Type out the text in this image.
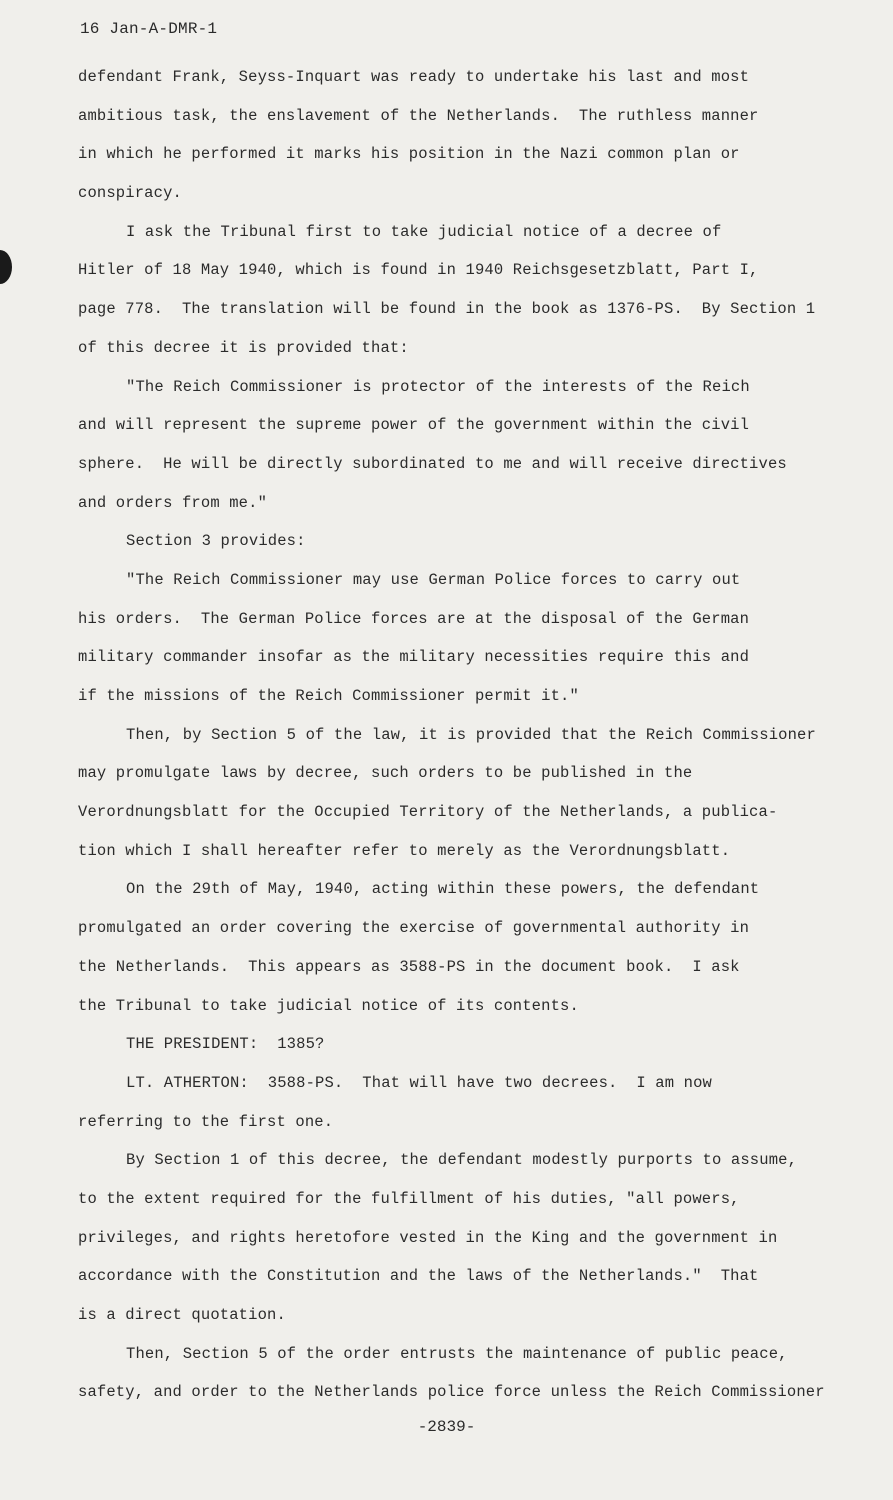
16 Jan-A-DMR-1
defendant Frank, Seyss-Inquart was ready to undertake his last and most
ambitious task, the enslavement of the Netherlands.  The ruthless manner
in which he performed it marks his position in the Nazi common plan or
conspiracy.
I ask the Tribunal first to take judicial notice of a decree of
Hitler of 18 May 1940, which is found in 1940 Reichsgesetzblatt, Part I,
page 778.  The translation will be found in the book as 1376-PS.  By Section 1
of this decree it is provided that:
"The Reich Commissioner is protector of the interests of the Reich
and will represent the supreme power of the government within the civil
sphere.  He will be directly subordinated to me and will receive directives
and orders from me."
Section 3 provides:
"The Reich Commissioner may use German Police forces to carry out
his orders.  The German Police forces are at the disposal of the German
military commander insofar as the military necessities require this and
if the missions of the Reich Commissioner permit it."
Then, by Section 5 of the law, it is provided that the Reich Commissioner
may promulgate laws by decree, such orders to be published in the
Verordnungsblatt for the Occupied Territory of the Netherlands, a publica-
tion which I shall hereafter refer to merely as the Verordnungsblatt.
On the 29th of May, 1940, acting within these powers, the defendant
promulgated an order covering the exercise of governmental authority in
the Netherlands.  This appears as 3588-PS in the document book.  I ask
the Tribunal to take judicial notice of its contents.
THE PRESIDENT:  1385?
LT. ATHERTON:  3588-PS.  That will have two decrees.  I am now
referring to the first one.
By Section 1 of this decree, the defendant modestly purports to assume,
to the extent required for the fulfillment of his duties, "all powers,
privileges, and rights heretofore vested in the King and the government in
accordance with the Constitution and the laws of the Netherlands."  That
is a direct quotation.
Then, Section 5 of the order entrusts the maintenance of public peace,
safety, and order to the Netherlands police force unless the Reich Commissioner
-2839-
